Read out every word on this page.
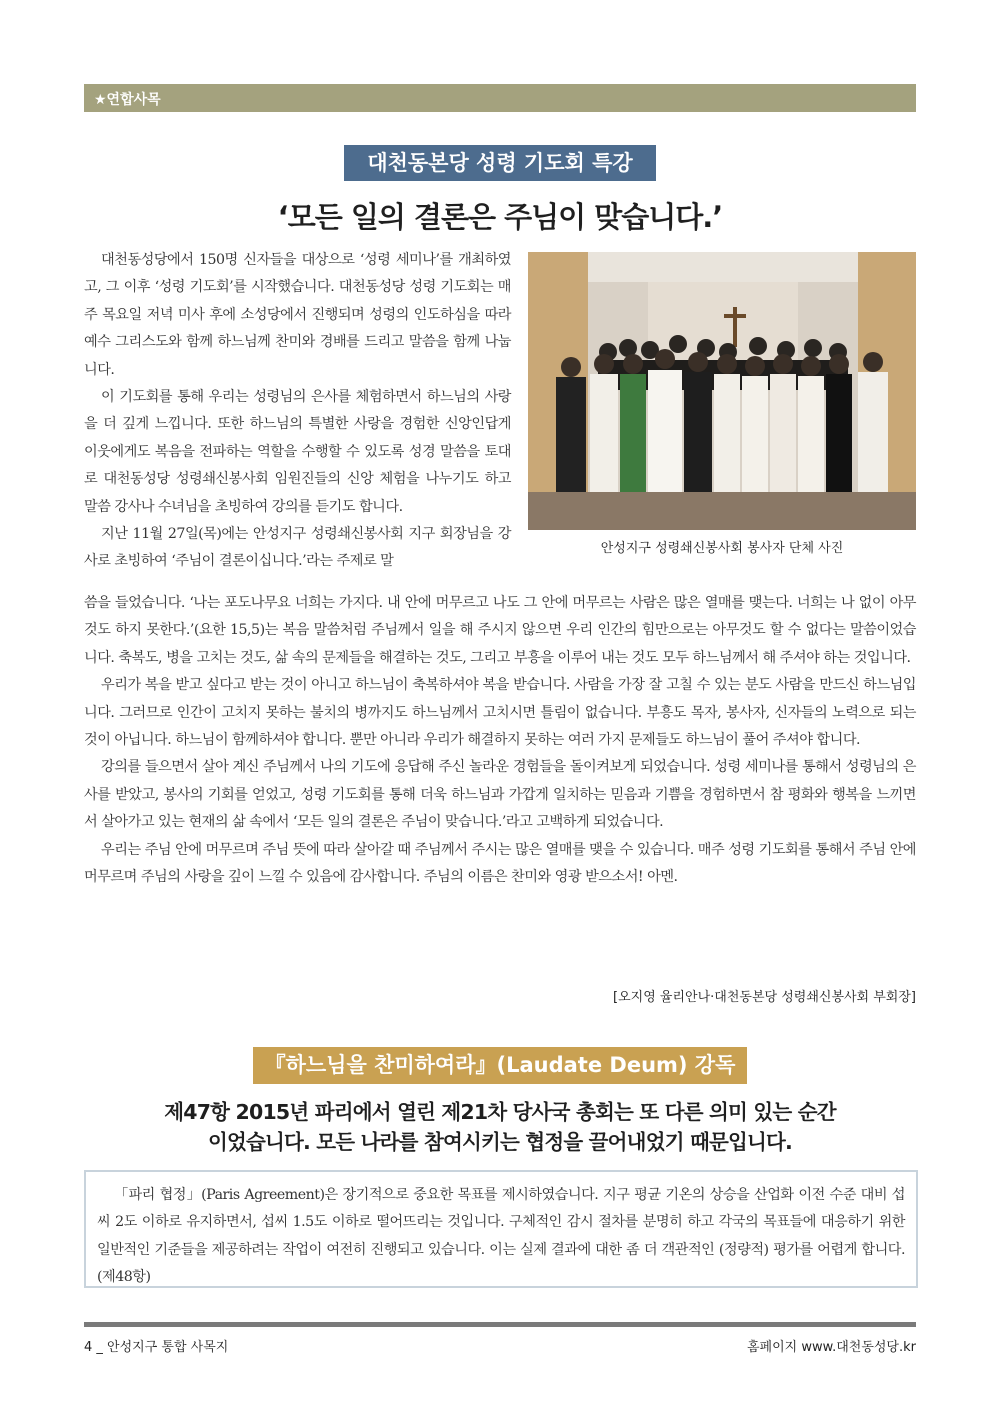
★연합사목
대천동본당 성령 기도회 특강
‘모든 일의 결론은 주님이 맞습니다.’

대천동성당에서 150명 신자들을 대상으로 ‘성령 세미나’를 개최하였고, 그 이후 ‘성령 기도회’를 시작했습니다. 대천동성당 성령 기도회는 매주 목요일 저녁 미사 후에 소성당에서 진행되며 성령의 인도하심을 따라 예수 그리스도와 함께 하느님께 찬미와 경배를 드리고 말씀을 함께 나눕니다.

이 기도회를 통해 우리는 성령님의 은사를 체험하면서 하느님의 사랑을 더 깊게 느낍니다. 또한 하느님의 특별한 사랑을 경험한 신앙인답게 이웃에게도 복음을 전파하는 역할을 수행할 수 있도록 성경 말씀을 토대로 대천동성당 성령쇄신봉사회 임원진들의 신앙 체험을 나누기도 하고 말씀 강사나 수녀님을 초빙하여 강의를 듣기도 합니다.

지난 11월 27일(목)에는 안성지구 성령쇄신봉사회 지구 회장님을 강사로 초빙하여 ‘주님이 결론이십니다.’라는 주제로 말

안성지구 성령쇄신봉사회 봉사자 단체 사진

씀을 들었습니다. ‘나는 포도나무요 너희는 가지다. 내 안에 머무르고 나도 그 안에 머무르는 사람은 많은 열매를 맺는다. 너희는 나 없이 아무것도 하지 못한다.’(요한 15,5)는 복음 말씀처럼 주님께서 일을 해 주시지 않으면 우리 인간의 힘만으로는 아무것도 할 수 없다는 말씀이었습니다. 축복도, 병을 고치는 것도, 삶 속의 문제들을 해결하는 것도, 그리고 부흥을 이루어 내는 것도 모두 하느님께서 해 주셔야 하는 것입니다.

우리가 복을 받고 싶다고 받는 것이 아니고 하느님이 축복하셔야 복을 받습니다. 사람을 가장 잘 고칠 수 있는 분도 사람을 만드신 하느님입니다. 그러므로 인간이 고치지 못하는 불치의 병까지도 하느님께서 고치시면 틀림이 없습니다. 부흥도 목자, 봉사자, 신자들의 노력으로 되는 것이 아닙니다. 하느님이 함께하셔야 합니다. 뿐만 아니라 우리가 해결하지 못하는 여러 가지 문제들도 하느님이 풀어 주셔야 합니다.

강의를 들으면서 살아 계신 주님께서 나의 기도에 응답해 주신 놀라운 경험들을 돌이켜보게 되었습니다. 성령 세미나를 통해서 성령님의 은사를 받았고, 봉사의 기회를 얻었고, 성령 기도회를 통해 더욱 하느님과 가깝게 일치하는 믿음과 기쁨을 경험하면서 참 평화와 행복을 느끼면서 살아가고 있는 현재의 삶 속에서 ‘모든 일의 결론은 주님이 맞습니다.’라고 고백하게 되었습니다.

우리는 주님 안에 머무르며 주님 뜻에 따라 살아갈 때 주님께서 주시는 많은 열매를 맺을 수 있습니다. 매주 성령 기도회를 통해서 주님 안에 머무르며 주님의 사랑을 깊이 느낄 수 있음에 감사합니다. 주님의 이름은 찬미와 영광 받으소서! 아멘.

[오지영 율리안나·대천동본당 성령쇄신봉사회 부회장]
『하느님을 찬미하여라』(Laudate Deum) 강독
제47항 2015년 파리에서 열린 제21차 당사국 총회는 또 다른 의미 있는 순간
이었습니다. 모든 나라를 참여시키는 협정을 끌어내었기 때문입니다.

「파리 협정」(Paris Agreement)은 장기적으로 중요한 목표를 제시하였습니다. 지구 평균 기온의 상승을 산업화 이전 수준 대비 섭씨 2도 이하로 유지하면서, 섭씨 1.5도 이하로 떨어뜨리는 것입니다. 구체적인 감시 절차를 분명히 하고 각국의 목표들에 대응하기 위한 일반적인 기준들을 제공하려는 작업이 여전히 진행되고 있습니다. 이는 실제 결과에 대한 좀 더 객관적인 (정량적) 평가를 어렵게 합니다.(제48항)

4 _ 안성지구 통합 사목지	홈페이지 www.대천동성당.kr
